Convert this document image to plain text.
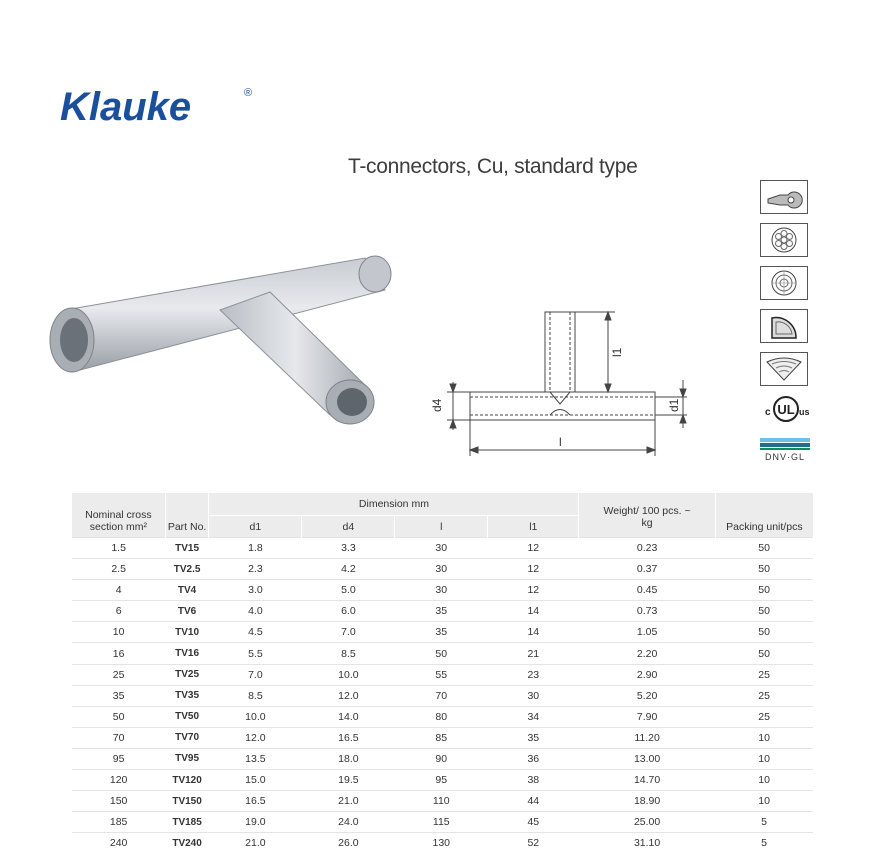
Klauke	®
T-connectors, Cu, standard type
l1
d4	d1
l
UL
c	us
DNV·GL
Nominal cross section mm²	Part No.	Dimension mm				Weight/ 100 pcs. ~ kg	Packing unit/pcs
		d1	d4	l	l1		
1.5	TV15	1.8	3.3	30	12	0.23	50
2.5	TV2.5	2.3	4.2	30	12	0.37	50
4	TV4	3.0	5.0	30	12	0.45	50
6	TV6	4.0	6.0	35	14	0.73	50
10	TV10	4.5	7.0	35	14	1.05	50
16	TV16	5.5	8.5	50	21	2.20	50
25	TV25	7.0	10.0	55	23	2.90	25
35	TV35	8.5	12.0	70	30	5.20	25
50	TV50	10.0	14.0	80	34	7.90	25
70	TV70	12.0	16.5	85	35	11.20	10
95	TV95	13.5	18.0	90	36	13.00	10
120	TV120	15.0	19.5	95	38	14.70	10
150	TV150	16.5	21.0	110	44	18.90	10
185	TV185	19.0	24.0	115	45	25.00	5
240	TV240	21.0	26.0	130	52	31.10	5
